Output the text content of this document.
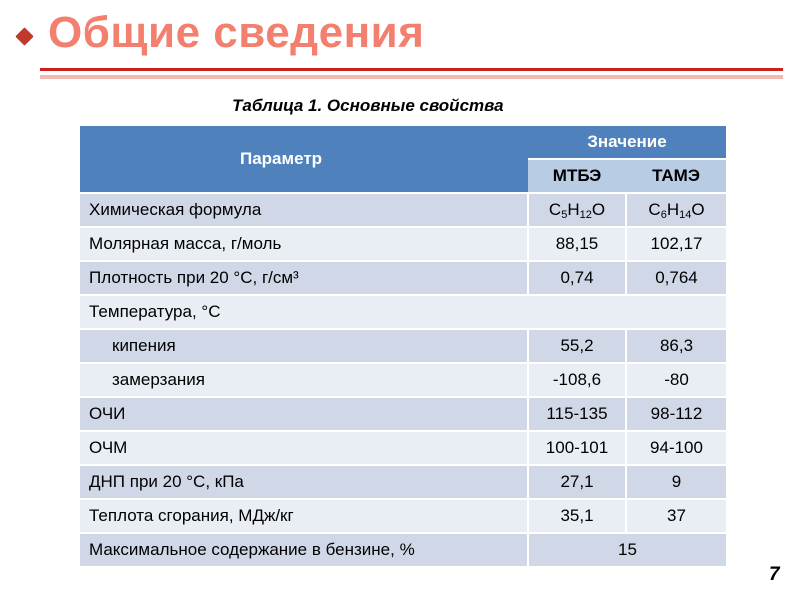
Общие сведения
Таблица 1. Основные свойства
Параметр	Значение	
	МТБЭ	ТАМЭ
Химическая формула	$C_5H_{12}O$	$C_6H_{14}O$
Молярная масса, г/моль	88,15	102,17
Плотность при 20 °С, г/см³	0,74	0,764
Температура, °С		
кипения	55,2	86,3
замерзания	-108,6	-80
ОЧИ	115-135	98-112
ОЧМ	100-101	94-100
ДНП при 20 °С, кПа	27,1	9
Теплота сгорания, МДж/кг	35,1	37
Максимальное содержание в бензине, %	15	
7
